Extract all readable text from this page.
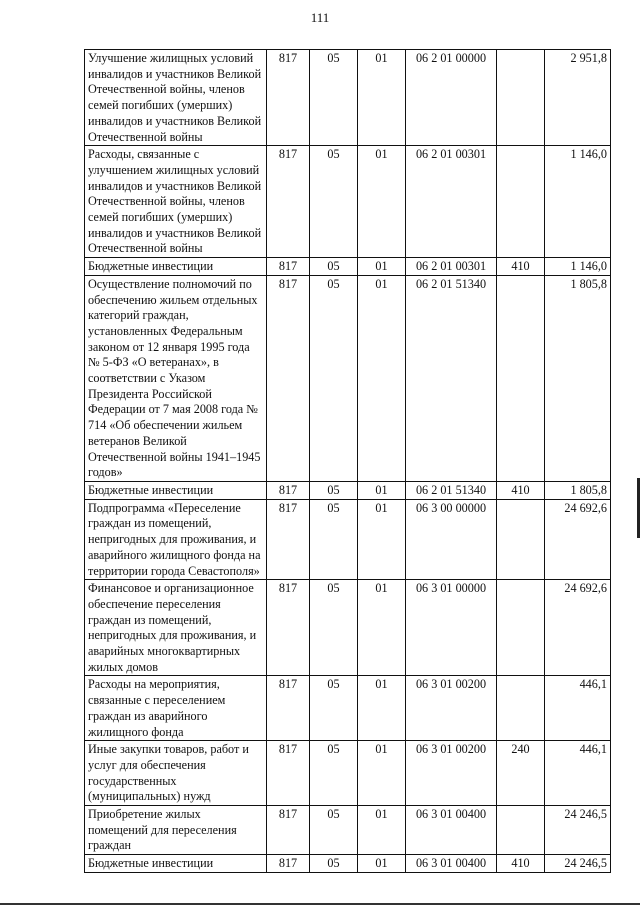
111
Улучшение жилищных условий инвалидов и участников Великой Отечественной войны, членов семей погибших (умерших) инвалидов и участников Великой Отечественной войны	817	05	01	06 2 01 00000		2 951,8
Расходы, связанные с улучшением жилищных условий инвалидов и участников Великой Отечественной войны, членов семей погибших (умерших) инвалидов и участников Великой Отечественной войны	817	05	01	06 2 01 00301		1 146,0
Бюджетные инвестиции	817	05	01	06 2 01 00301	410	1 146,0
Осуществление полномочий по обеспечению жильем отдельных категорий граждан, установленных Федеральным законом от 12 января 1995 года № 5-ФЗ «О ветеранах», в соответствии с Указом Президента Российской Федерации от 7 мая 2008 года № 714 «Об обеспечении жильем ветеранов Великой Отечественной войны 1941–1945 годов»	817	05	01	06 2 01 51340		1 805,8
Бюджетные инвестиции	817	05	01	06 2 01 51340	410	1 805,8
Подпрограмма «Переселение граждан из помещений, непригодных для проживания, и аварийного жилищного фонда на территории города Севастополя»	817	05	01	06 3 00 00000		24 692,6
Финансовое и организационное обеспечение переселения граждан из помещений, непригодных для проживания, и аварийных многоквартирных жилых домов	817	05	01	06 3 01 00000		24 692,6
Расходы на мероприятия, связанные с переселением граждан из аварийного жилищного фонда	817	05	01	06 3 01 00200		446,1
Иные закупки товаров, работ и услуг для обеспечения государственных (муниципальных) нужд	817	05	01	06 3 01 00200	240	446,1
Приобретение жилых помещений для переселения граждан	817	05	01	06 3 01 00400		24 246,5
Бюджетные инвестиции	817	05	01	06 3 01 00400	410	24 246,5
